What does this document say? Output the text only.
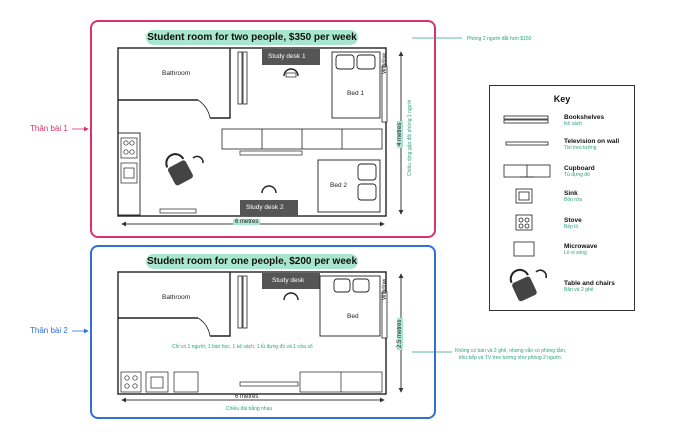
Student room for two people, $350 per week	Phòng 2 người đắt hơn $150
Thân bài 1
Bathroom
Study desk 1
Bed 1
Bed 2
Study desk 2
Window
6 metres
4 metres Chiều rộng gấp đôi phòng 1 người
Student room for one people, $200 per week
Thân bài 2
Bathroom
Study desk
Bed
Window
Chỉ có 1 người, 1 bàn học, 1 kệ sách, 1 tủ đựng đồ và 1 cửa sổ
6 metres
Chiều dài bằng nhau
2.5 metres
Không có bàn và 2 ghế, nhưng vẫn có phòng tắm,
khu bếp và TV treo tường như phòng 2 người.
Key
Bookshelves
Kệ sách
Television on wall
Tivi treo tường
Cupboard
Tủ đựng đồ
Sink
Bồn rửa
Stove
Bếp lò
Microwave
Lò vi sóng
Table and chairs
Bàn và 2 ghế
